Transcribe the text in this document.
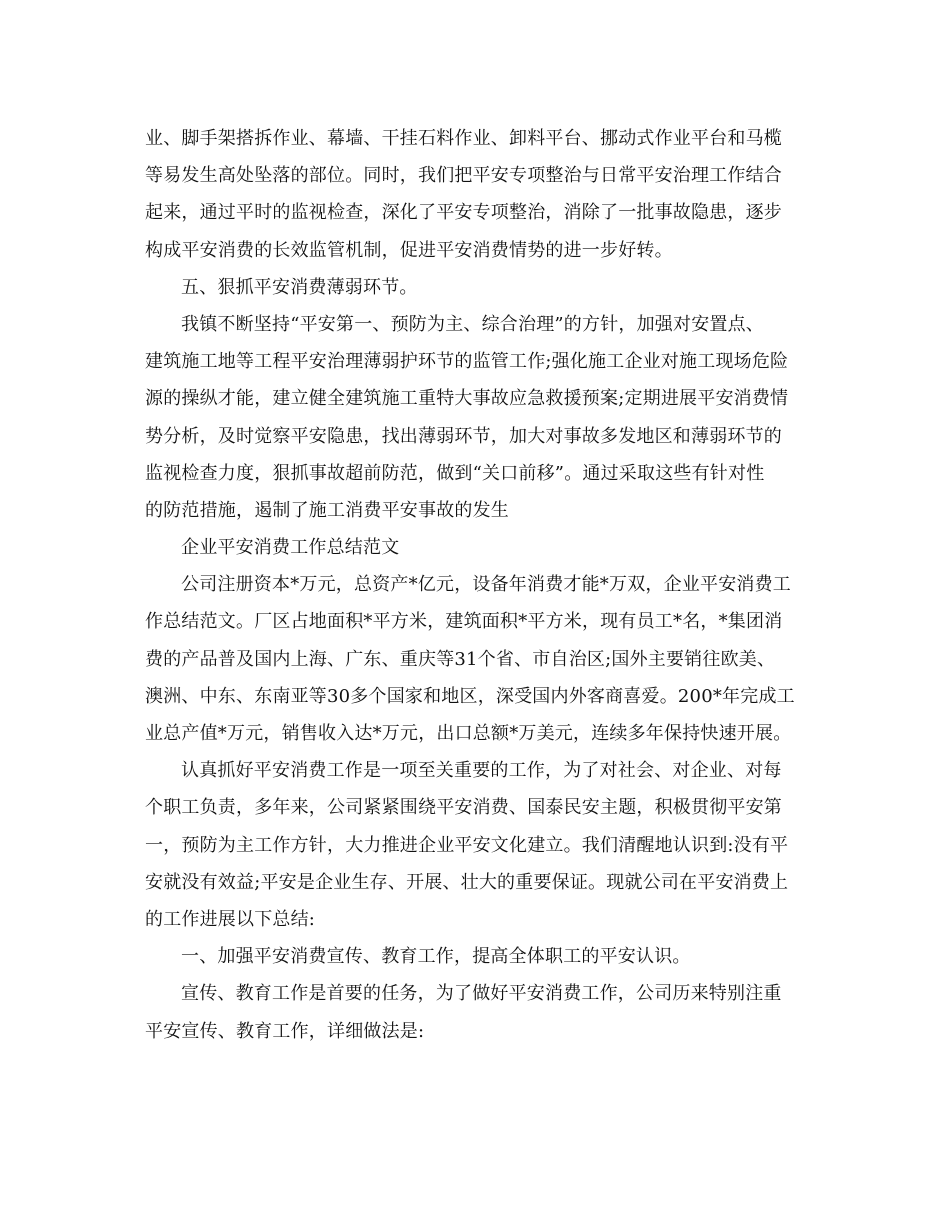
业、脚手架搭拆作业、幕墙、干挂石料作业、卸料平台、挪动式作业平台和马榄
等易发生高处坠落的部位。同时，我们把平安专项整治与日常平安治理工作结合
起来，通过平时的监视检查，深化了平安专项整治，消除了一批事故隐患，逐步
构成平安消费的长效监管机制，促进平安消费情势的进一步好转。
五、狠抓平安消费薄弱环节。
我镇不断坚持“平安第一、预防为主、综合治理”的方针，加强对安置点、
建筑施工地等工程平安治理薄弱护环节的监管工作;强化施工企业对施工现场危险
源的操纵才能，建立健全建筑施工重特大事故应急救援预案;定期进展平安消费情
势分析，及时觉察平安隐患，找出薄弱环节，加大对事故多发地区和薄弱环节的
监视检查力度，狠抓事故超前防范，做到“关口前移”。通过采取这些有针对性
的防范措施，遏制了施工消费平安事故的发生
企业平安消费工作总结范文
公司注册资本*万元，总资产*亿元，设备年消费才能*万双，企业平安消费工
作总结范文。厂区占地面积*平方米，建筑面积*平方米，现有员工*名，*集团消
费的产品普及国内上海、广东、重庆等31个省、市自治区;国外主要销往欧美、
澳洲、中东、东南亚等30多个国家和地区，深受国内外客商喜爱。200*年完成工
业总产值*万元，销售收入达*万元，出口总额*万美元，连续多年保持快速开展。
认真抓好平安消费工作是一项至关重要的工作，为了对社会、对企业、对每
个职工负责，多年来，公司紧紧围绕平安消费、国泰民安主题，积极贯彻平安第
一，预防为主工作方针，大力推进企业平安文化建立。我们清醒地认识到:没有平
安就没有效益;平安是企业生存、开展、壮大的重要保证。现就公司在平安消费上
的工作进展以下总结:
一、加强平安消费宣传、教育工作，提高全体职工的平安认识。
宣传、教育工作是首要的任务，为了做好平安消费工作，公司历来特别注重
平安宣传、教育工作，详细做法是:
